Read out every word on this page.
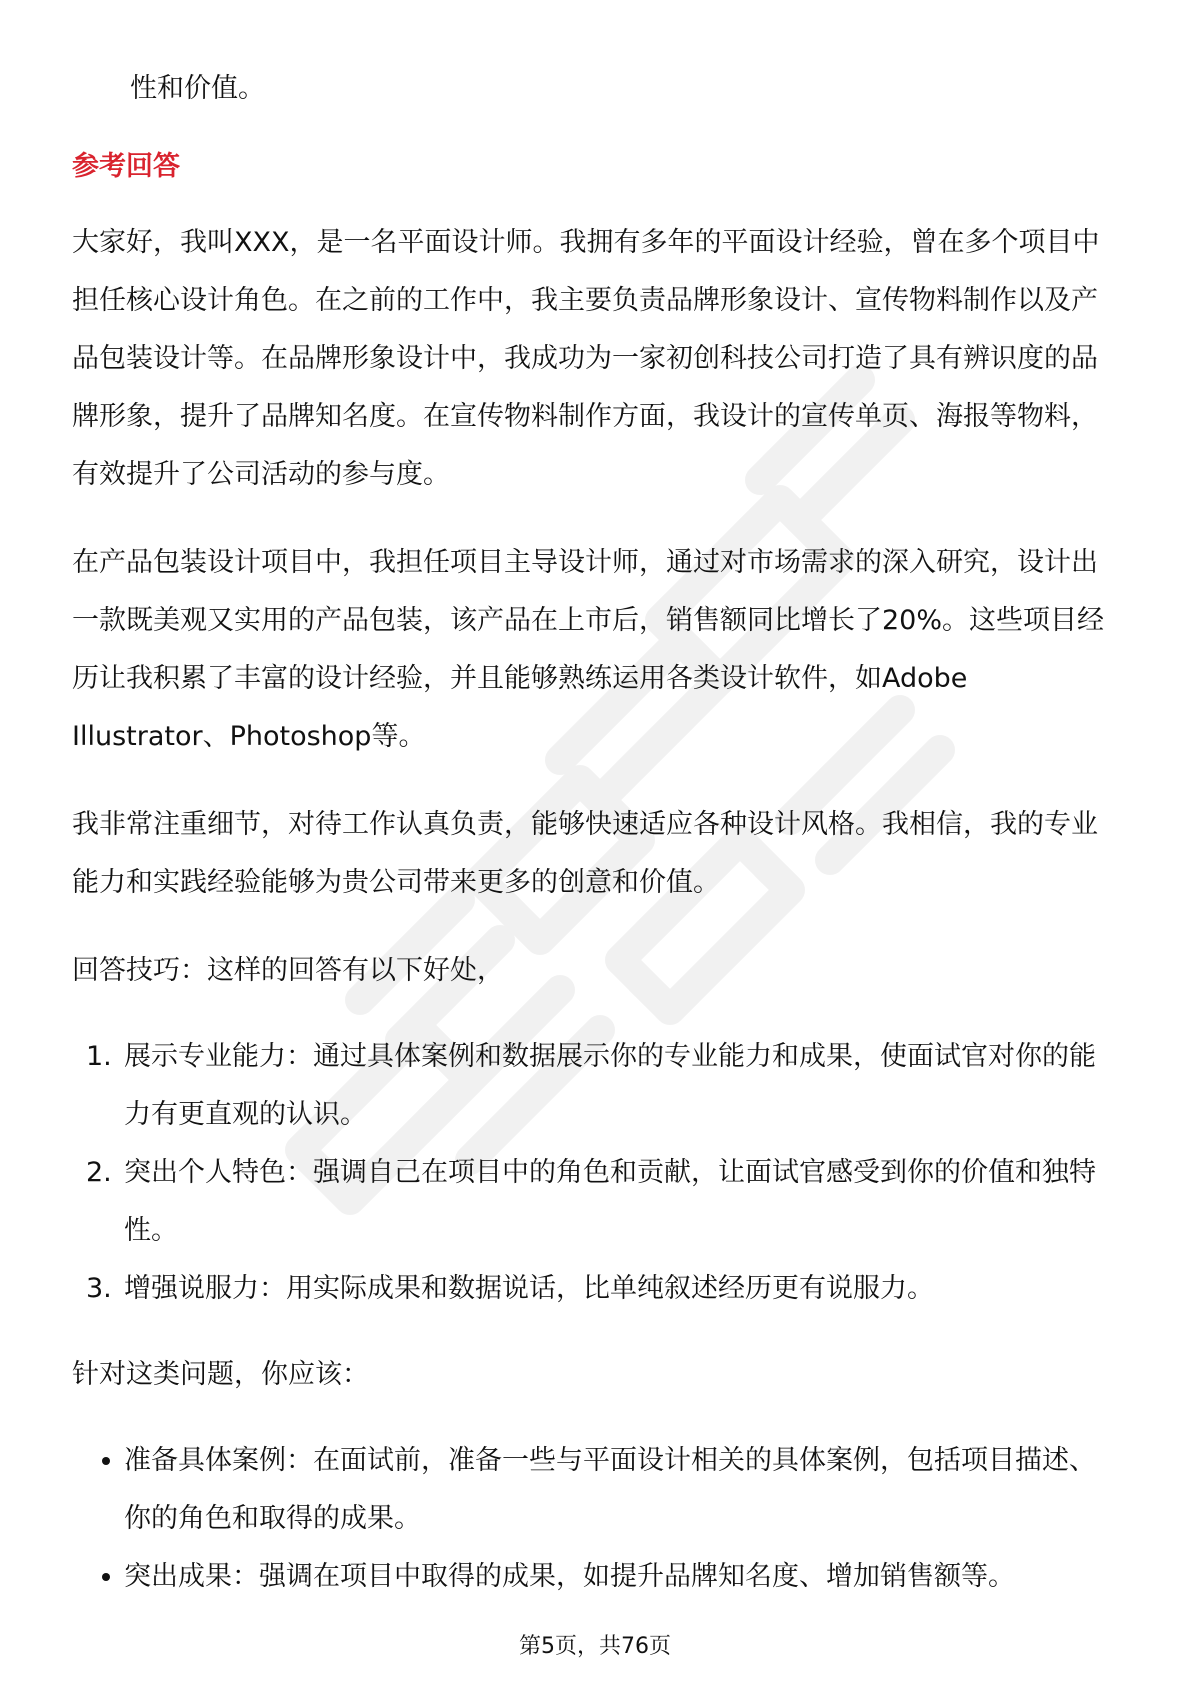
性和价值。

参考回答

大家好，我叫XXX，是一名平面设计师。我拥有多年的平面设计经验，曾在多个项目中担任核心设计角色。在之前的工作中，我主要负责品牌形象设计、宣传物料制作以及产品包装设计等。在品牌形象设计中，我成功为一家初创科技公司打造了具有辨识度的品牌形象，提升了品牌知名度。在宣传物料制作方面，我设计的宣传单页、海报等物料，有效提升了公司活动的参与度。

在产品包装设计项目中，我担任项目主导设计师，通过对市场需求的深入研究，设计出一款既美观又实用的产品包装，该产品在上市后，销售额同比增长了20%。这些项目经历让我积累了丰富的设计经验，并且能够熟练运用各类设计软件，如Adobe Illustrator、Photoshop等。

我非常注重细节，对待工作认真负责，能够快速适应各种设计风格。我相信，我的专业能力和实践经验能够为贵公司带来更多的创意和价值。

回答技巧：这样的回答有以下好处，

1. 展示专业能力：通过具体案例和数据展示你的专业能力和成果，使面试官对你的能力有更直观的认识。
2. 突出个人特色：强调自己在项目中的角色和贡献，让面试官感受到你的价值和独特性。
3. 增强说服力：用实际成果和数据说话，比单纯叙述经历更有说服力。

针对这类问题，你应该：

准备具体案例：在面试前，准备一些与平面设计相关的具体案例，包括项目描述、你的角色和取得的成果。
突出成果：强调在项目中取得的成果，如提升品牌知名度、增加销售额等。
第5页，共76页
